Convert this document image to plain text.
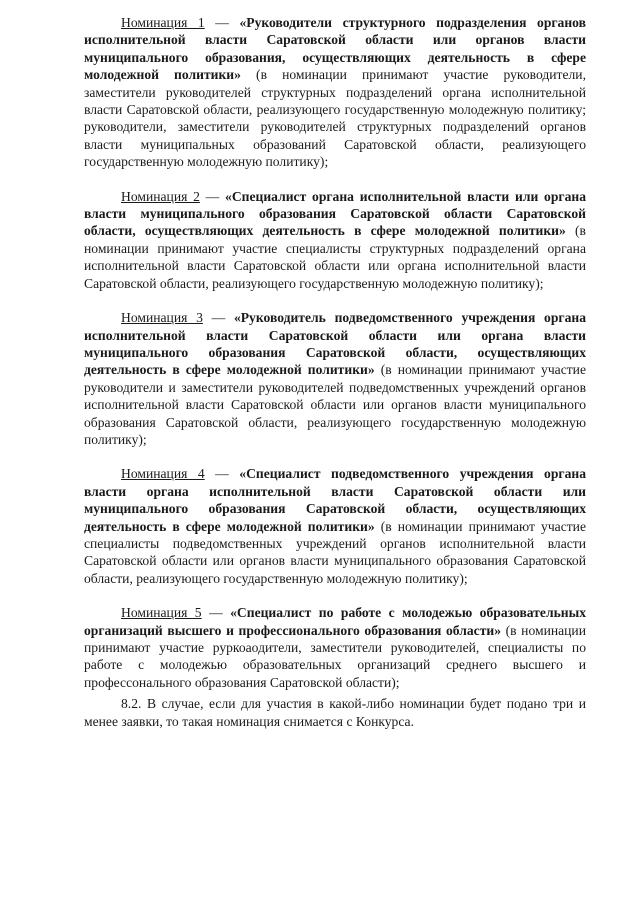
Номинация 1 — «Руководители структурного подразделения органов исполнительной власти Саратовской области или органов власти муниципального образования, осуществляющих деятельность в сфере молодежной политики» (в номинации принимают участие руководители, заместители руководителей структурных подразделений органа исполнительной власти Саратовской области, реализующего государственную молодежную политику; руководители, заместители руководителей структурных подразделений органов власти муниципальных образований Саратовской области, реализующего государственную молодежную политику);

Номинация 2 — «Специалист органа исполнительной власти или органа власти муниципального образования Саратовской области Саратовской области, осуществляющих деятельность в сфере молодежной политики» (в номинации принимают участие специалисты структурных подразделений органа исполнительной власти Саратовской области или органа исполнительной власти Саратовской области, реализующего государственную молодежную политику);

Номинация 3 — «Руководитель подведомственного учреждения органа исполнительной власти Саратовской области или органа власти муниципального образования Саратовской области, осуществляющих деятельность в сфере молодежной политики» (в номинации принимают участие руководители и заместители руководителей подведомственных учреждений органов исполнительной власти Саратовской области или органов власти муниципального образования Саратовской области, реализующего государственную молодежную политику);

Номинация 4 — «Специалист подведомственного учреждения органа власти органа исполнительной власти Саратовской области или муниципального образования Саратовской области, осуществляющих деятельность в сфере молодежной политики» (в номинации принимают участие специалисты подведомственных учреждений органов исполнительной власти Саратовской области или органов власти муниципального образования Саратовской области, реализующего государственную молодежную политику);

Номинация 5 — «Специалист по работе с молодежью образовательных организаций высшего и профессионального образования области» (в номинации принимают участие руркоаодители, заместители руководителей, специалисты по работе с молодежью образовательных организаций среднего высшего и профессонального образования Саратовской области);

8.2. В случае, если для участия в какой-либо номинации будет подано три и менее заявки, то такая номинация снимается с Конкурса.
